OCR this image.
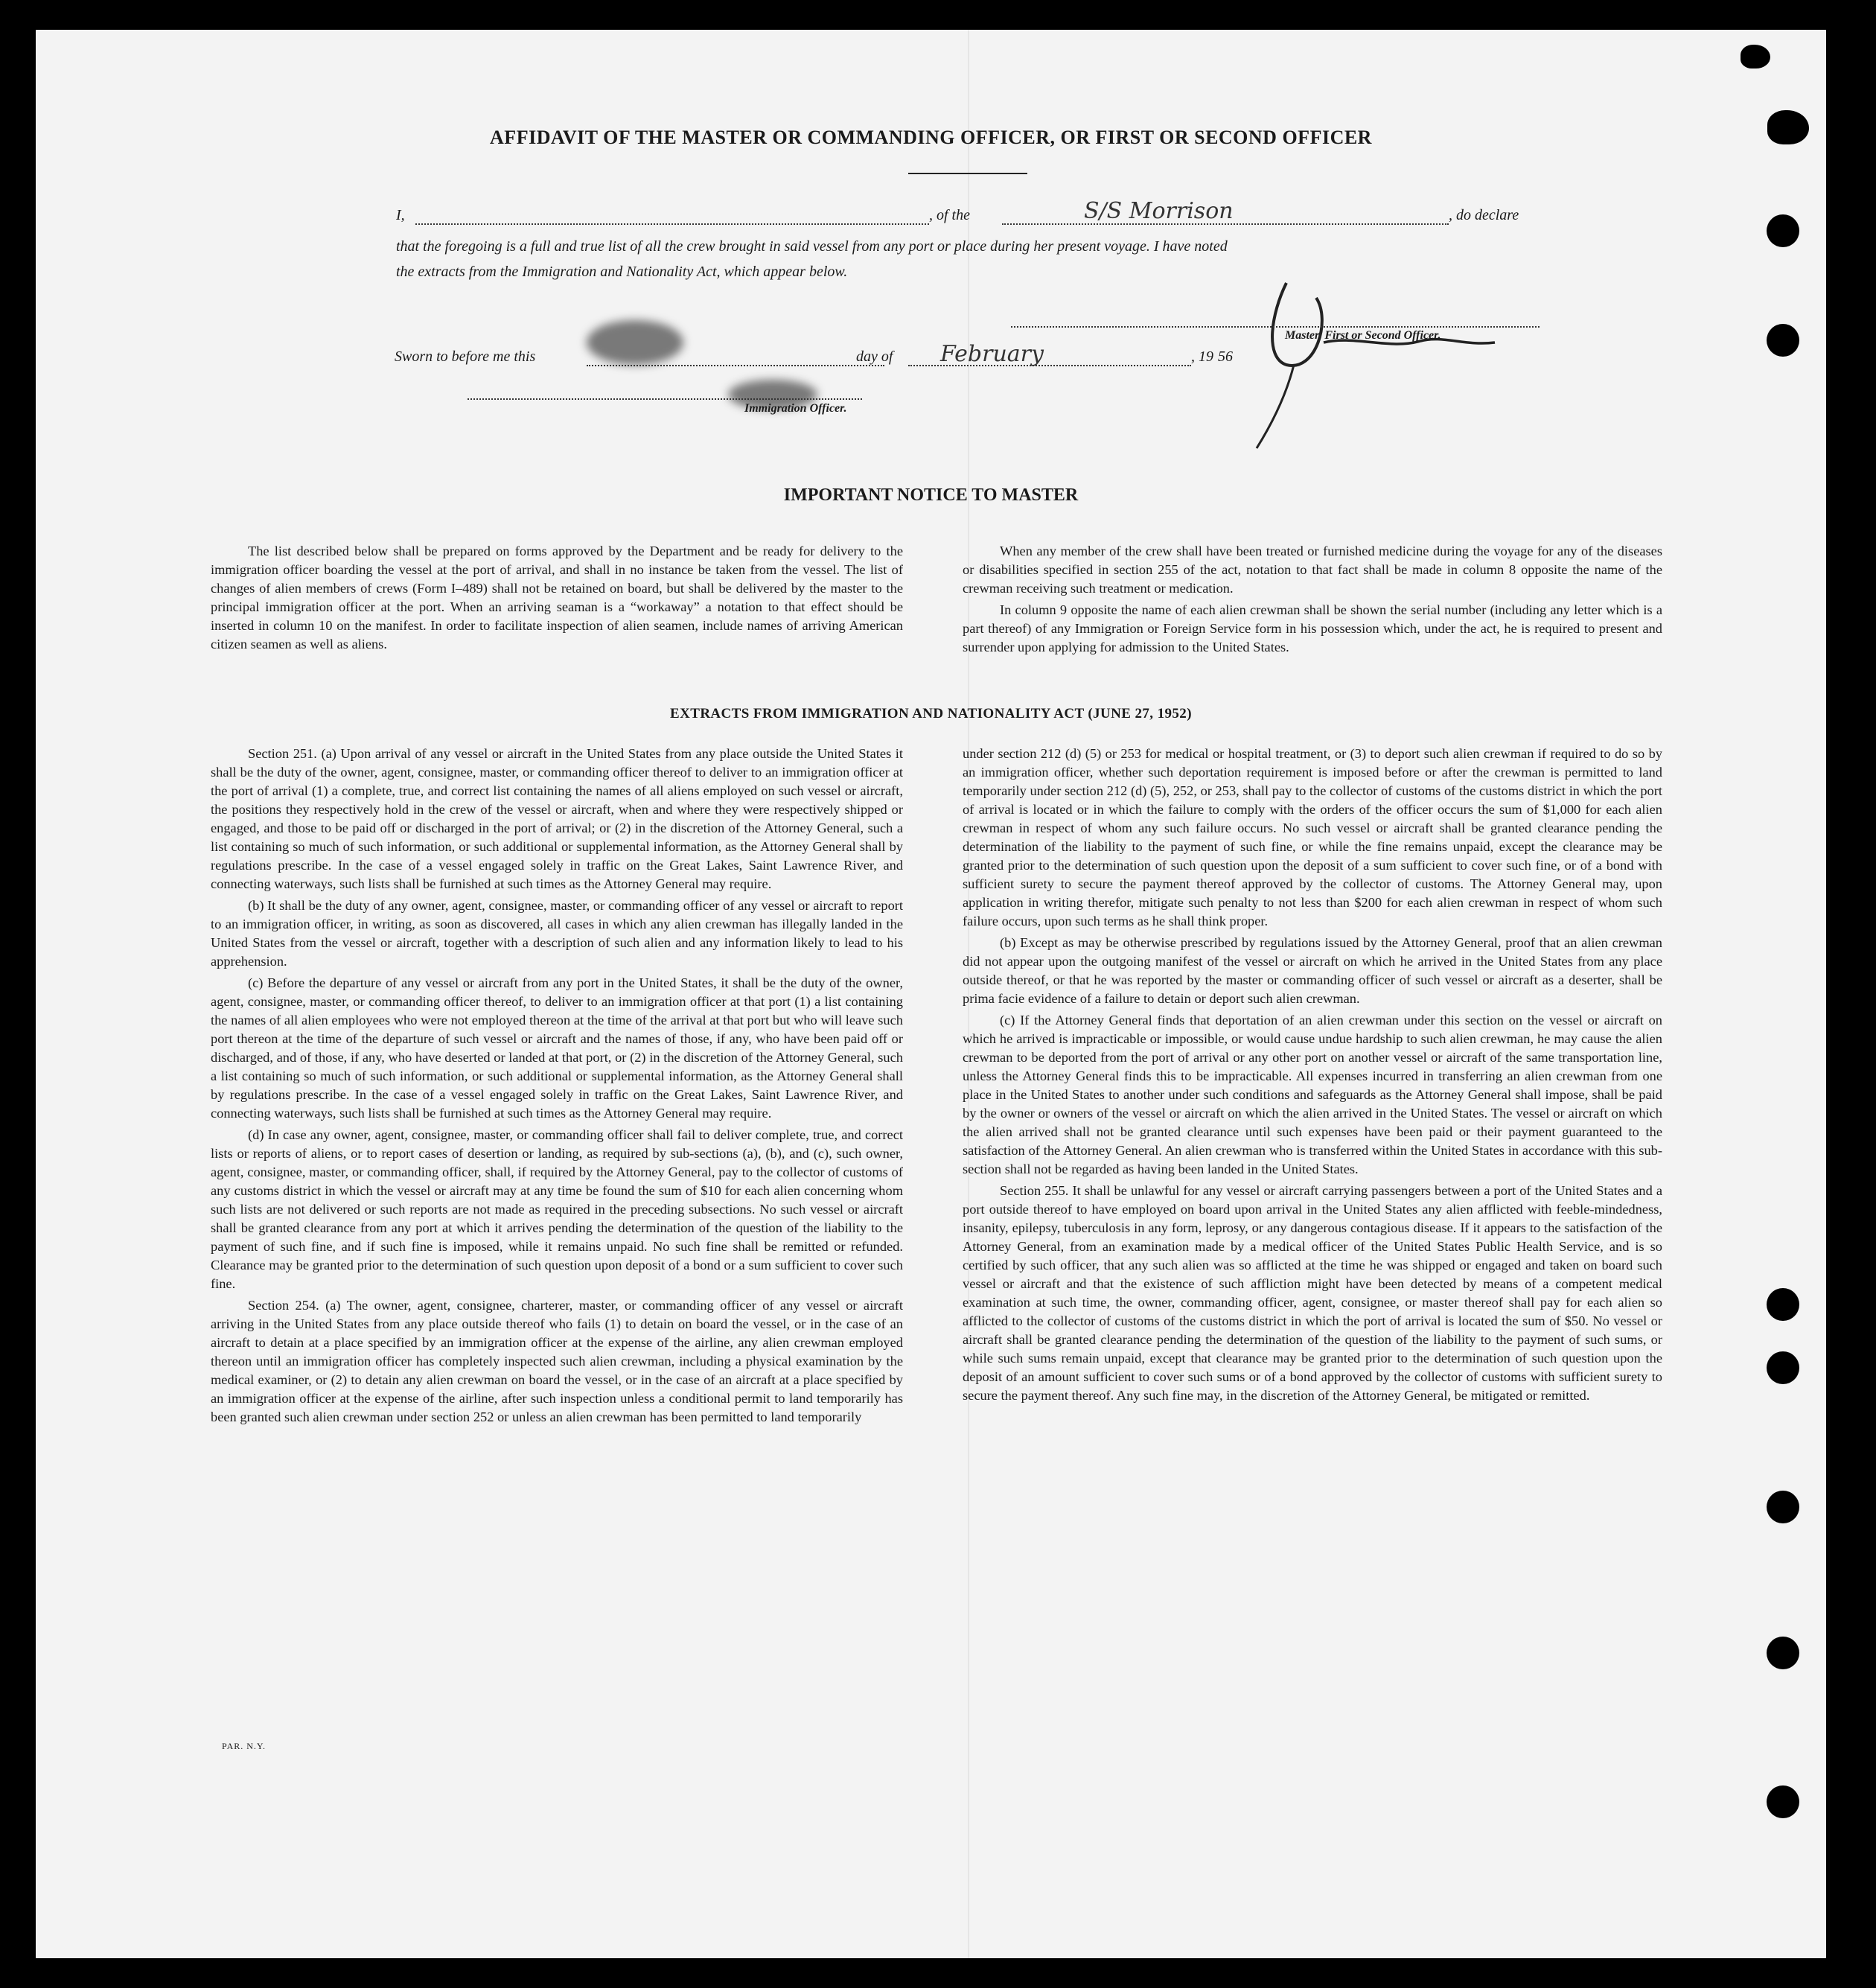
AFFIDAVIT OF THE MASTER OR COMMANDING OFFICER, OR FIRST OR SECOND OFFICER
I,	, of the	S/S Morrison	, do declare
that the foregoing is a full and true list of all the crew brought in said vessel from any port or place during her present voyage. I have noted
the extracts from the Immigration and Nationality Act, which appear below.
Master, First or Second Officer.
Sworn to before me this	day of February	, 19 56
Immigration Officer.
IMPORTANT NOTICE TO MASTER

The list described below shall be prepared on forms approved by the Department and be ready for delivery to the immigration officer boarding the vessel at the port of arrival, and shall in no instance be taken from the vessel. The list of changes of alien members of crews (Form I–489) shall not be retained on board, but shall be delivered by the master to the principal immigration officer at the port. When an arriving seaman is a “workaway” a notation to that effect should be inserted in column 10 on the manifest. In order to facilitate inspection of alien seamen, include names of arriving American citizen seamen as well as aliens.

When any member of the crew shall have been treated or furnished medicine during the voyage for any of the diseases or disabilities specified in section 255 of the act, notation to that fact shall be made in column 8 opposite the name of the crewman receiving such treatment or medication.

In column 9 opposite the name of each alien crewman shall be shown the serial number (including any letter which is a part thereof) of any Immigration or Foreign Service form in his possession which, under the act, he is required to present and surrender upon applying for admission to the United States.

EXTRACTS FROM IMMIGRATION AND NATIONALITY ACT (JUNE 27, 1952)

Section 251. (a) Upon arrival of any vessel or aircraft in the United States from any place outside the United States it shall be the duty of the owner, agent, consignee, master, or commanding officer thereof to deliver to an immigration officer at the port of arrival (1) a complete, true, and correct list containing the names of all aliens employed on such vessel or aircraft, the positions they respectively hold in the crew of the vessel or aircraft, when and where they were respectively shipped or engaged, and those to be paid off or discharged in the port of arrival; or (2) in the discretion of the Attorney General, such a list containing so much of such information, or such additional or supplemental information, as the Attorney General shall by regulations prescribe. In the case of a vessel engaged solely in traffic on the Great Lakes, Saint Lawrence River, and connecting waterways, such lists shall be furnished at such times as the Attorney General may require.

(b) It shall be the duty of any owner, agent, consignee, master, or commanding officer of any vessel or aircraft to report to an immigration officer, in writing, as soon as discovered, all cases in which any alien crewman has illegally landed in the United States from the vessel or aircraft, together with a description of such alien and any information likely to lead to his apprehension.

(c) Before the departure of any vessel or aircraft from any port in the United States, it shall be the duty of the owner, agent, consignee, master, or commanding officer thereof, to deliver to an immigration officer at that port (1) a list containing the names of all alien employees who were not employed thereon at the time of the arrival at that port but who will leave such port thereon at the time of the departure of such vessel or aircraft and the names of those, if any, who have been paid off or discharged, and of those, if any, who have deserted or landed at that port, or (2) in the discretion of the Attorney General, such a list containing so much of such information, or such additional or supplemental information, as the Attorney General shall by regulations prescribe. In the case of a vessel engaged solely in traffic on the Great Lakes, Saint Lawrence River, and connecting waterways, such lists shall be furnished at such times as the Attorney General may require.

(d) In case any owner, agent, consignee, master, or commanding officer shall fail to deliver complete, true, and correct lists or reports of aliens, or to report cases of desertion or landing, as required by sub-sections (a), (b), and (c), such owner, agent, consignee, master, or commanding officer, shall, if required by the Attorney General, pay to the collector of customs of any customs district in which the vessel or aircraft may at any time be found the sum of $10 for each alien concerning whom such lists are not delivered or such reports are not made as required in the preceding subsections. No such vessel or aircraft shall be granted clearance from any port at which it arrives pending the determination of the question of the liability to the payment of such fine, and if such fine is imposed, while it remains unpaid. No such fine shall be remitted or refunded. Clearance may be granted prior to the determination of such question upon deposit of a bond or a sum sufficient to cover such fine.

Section 254. (a) The owner, agent, consignee, charterer, master, or commanding officer of any vessel or aircraft arriving in the United States from any place outside thereof who fails (1) to detain on board the vessel, or in the case of an aircraft to detain at a place specified by an immigration officer at the expense of the airline, any alien crewman employed thereon until an immigration officer has completely inspected such alien crewman, including a physical examination by the medical examiner, or (2) to detain any alien crewman on board the vessel, or in the case of an aircraft at a place specified by an immigration officer at the expense of the airline, after such inspection unless a conditional permit to land temporarily has been granted such alien crewman under section 252 or unless an alien crewman has been permitted to land temporarily

under section 212 (d) (5) or 253 for medical or hospital treatment, or (3) to deport such alien crewman if required to do so by an immigration officer, whether such deportation requirement is imposed before or after the crewman is permitted to land temporarily under section 212 (d) (5), 252, or 253, shall pay to the collector of customs of the customs district in which the port of arrival is located or in which the failure to comply with the orders of the officer occurs the sum of $1,000 for each alien crewman in respect of whom any such failure occurs. No such vessel or aircraft shall be granted clearance pending the determination of the liability to the payment of such fine, or while the fine remains unpaid, except the clearance may be granted prior to the determination of such question upon the deposit of a sum sufficient to cover such fine, or of a bond with sufficient surety to secure the payment thereof approved by the collector of customs. The Attorney General may, upon application in writing therefor, mitigate such penalty to not less than $200 for each alien crewman in respect of whom such failure occurs, upon such terms as he shall think proper.

(b) Except as may be otherwise prescribed by regulations issued by the Attorney General, proof that an alien crewman did not appear upon the outgoing manifest of the vessel or aircraft on which he arrived in the United States from any place outside thereof, or that he was reported by the master or commanding officer of such vessel or aircraft as a deserter, shall be prima facie evidence of a failure to detain or deport such alien crewman.

(c) If the Attorney General finds that deportation of an alien crewman under this section on the vessel or aircraft on which he arrived is impracticable or impossible, or would cause undue hardship to such alien crewman, he may cause the alien crewman to be deported from the port of arrival or any other port on another vessel or aircraft of the same transportation line, unless the Attorney General finds this to be impracticable. All expenses incurred in transferring an alien crewman from one place in the United States to another under such conditions and safeguards as the Attorney General shall impose, shall be paid by the owner or owners of the vessel or aircraft on which the alien arrived in the United States. The vessel or aircraft on which the alien arrived shall not be granted clearance until such expenses have been paid or their payment guaranteed to the satisfaction of the Attorney General. An alien crewman who is transferred within the United States in accordance with this sub-section shall not be regarded as having been landed in the United States.

Section 255. It shall be unlawful for any vessel or aircraft carrying passengers between a port of the United States and a port outside thereof to have employed on board upon arrival in the United States any alien afflicted with feeble-mindedness, insanity, epilepsy, tuberculosis in any form, leprosy, or any dangerous contagious disease. If it appears to the satisfaction of the Attorney General, from an examination made by a medical officer of the United States Public Health Service, and is so certified by such officer, that any such alien was so afflicted at the time he was shipped or engaged and taken on board such vessel or aircraft and that the existence of such affliction might have been detected by means of a competent medical examination at such time, the owner, commanding officer, agent, consignee, or master thereof shall pay for each alien so afflicted to the collector of customs of the customs district in which the port of arrival is located the sum of $50. No vessel or aircraft shall be granted clearance pending the determination of the question of the liability to the payment of such sums, or while such sums remain unpaid, except that clearance may be granted prior to the determination of such question upon the deposit of an amount sufficient to cover such sums or of a bond approved by the collector of customs with sufficient surety to secure the payment thereof. Any such fine may, in the discretion of the Attorney General, be mitigated or remitted.

PAR. N.Y.
